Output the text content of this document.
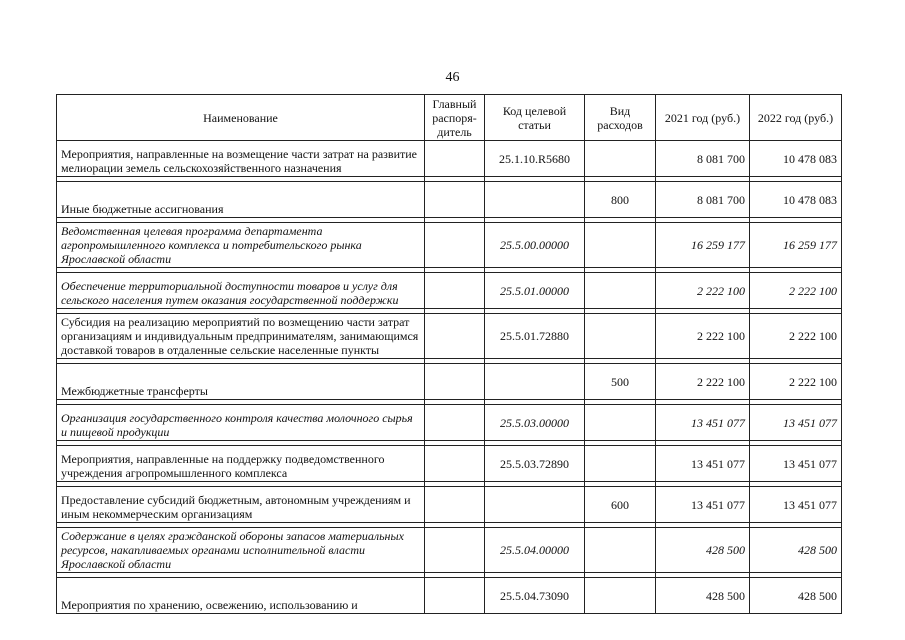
46
Наименование	Главный распоря-дитель	Код целевой статьи	Вид расходов	2021 год (руб.)	2022 год (руб.)
Мероприятия, направленные на возмещение части затрат на развитие мелиорации земель сельскохозяйственного назначения		25.1.10.R5680		8 081 700	10 478 083

Иные бюджетные ассигнования			800	8 081 700	10 478 083

Ведомственная целевая программа департамента агропромышленного комплекса и потребительского рынка Ярославской области		25.5.00.00000		16 259 177	16 259 177

Обеспечение территориальной доступности товаров и услуг для сельского населения путем оказания государственной поддержки		25.5.01.00000		2 222 100	2 222 100

Субсидия на реализацию мероприятий по возмещению части затрат организациям и индивидуальным предпринимателям, занимающимся доставкой товаров в отдаленные сельские населенные пункты		25.5.01.72880		2 222 100	2 222 100

Межбюджетные трансферты			500	2 222 100	2 222 100

Организация государственного контроля качества молочного сырья и пищевой продукции		25.5.03.00000		13 451 077	13 451 077

Мероприятия, направленные на поддержку подведомственного учреждения агропромышленного комплекса		25.5.03.72890		13 451 077	13 451 077

Предоставление субсидий бюджетным, автономным учреждениям и иным некоммерческим организациям			600	13 451 077	13 451 077

Содержание в целях гражданской обороны запасов материальных ресурсов, накапливаемых органами исполнительной власти Ярославской области		25.5.04.00000		428 500	428 500

Мероприятия по хранению, освежению, использованию и		25.5.04.73090		428 500	428 500
